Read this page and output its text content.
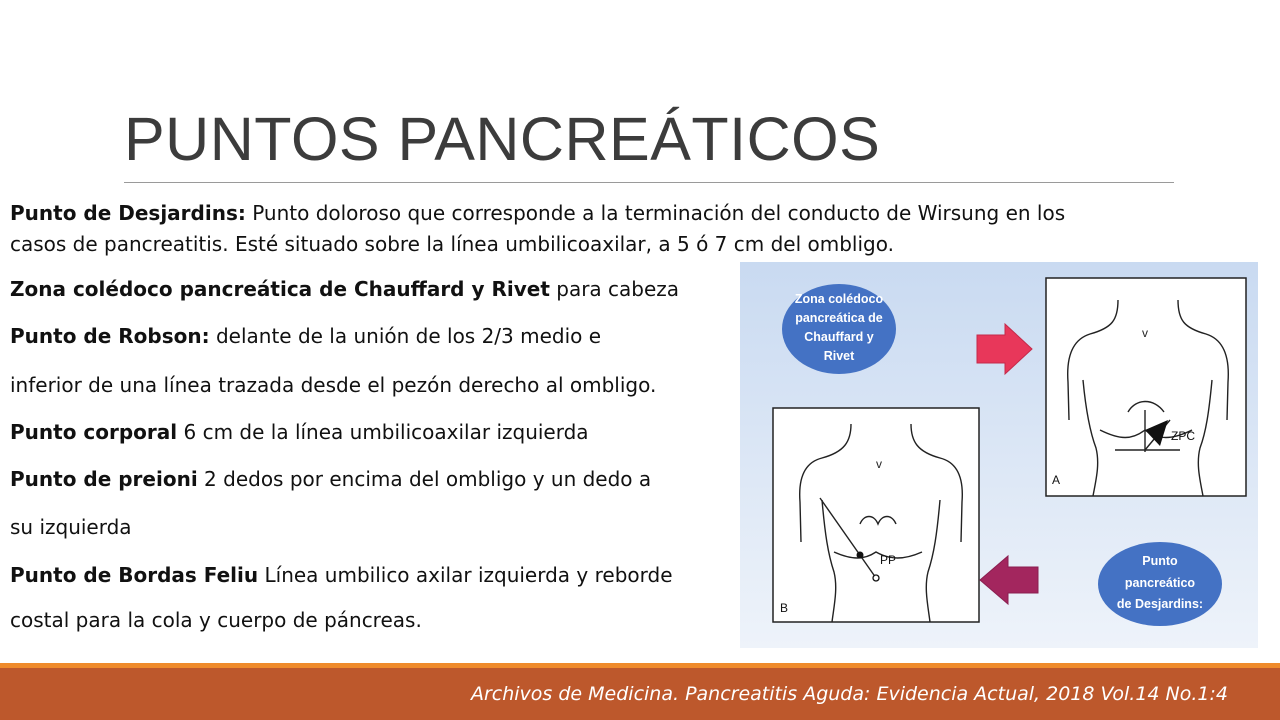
PUNTOS PANCREÁTICOS
Punto de Desjardins: Punto doloroso que corresponde a la terminación del conducto de Wirsung en los
casos de pancreatitis. Esté situado sobre la línea umbilicoaxilar, a 5 ó 7 cm del ombligo.
Zona colédoco pancreática de Chauffard y Rivet para cabeza
Punto de Robson: delante de la unión de los 2/3 medio e
inferior de una línea trazada desde el pezón derecho al ombligo.
Punto corporal 6 cm de la línea umbilicoaxilar izquierda
Punto de preioni 2 dedos por encima del ombligo y un dedo a
su izquierda
Punto de Bordas Feliu Línea umbilico axilar izquierda y reborde
costal para la cola y cuerpo de páncreas.
Zona colédoco
pancreática de
Chauffard y
Rivet
v
ZPC
A
v
PP
B
Punto
pancreático
de Desjardins:
Archivos de Medicina. Pancreatitis Aguda: Evidencia Actual, 2018 Vol.14 No.1:4
